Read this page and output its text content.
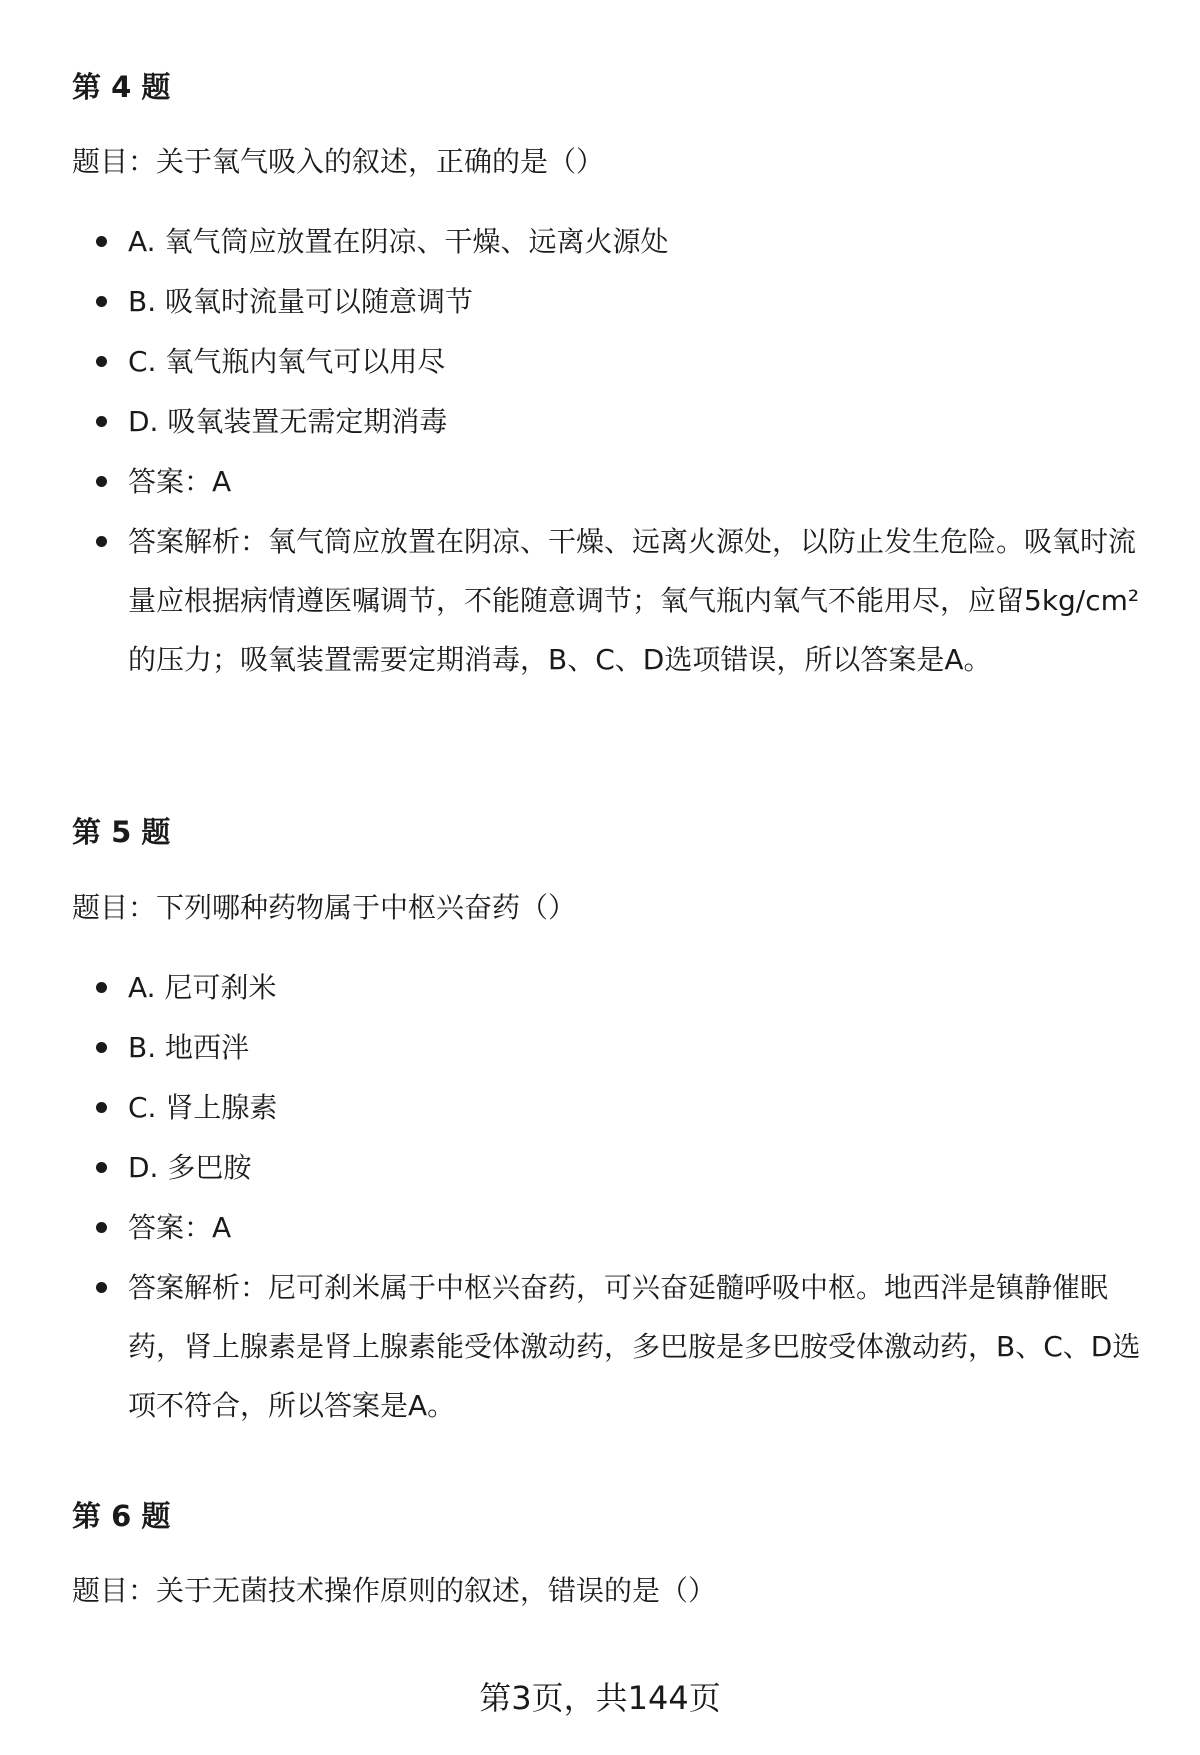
第 4 题
题目：关于氧气吸入的叙述，正确的是（）
A. 氧气筒应放置在阴凉、干燥、远离火源处
B. 吸氧时流量可以随意调节
C. 氧气瓶内氧气可以用尽
D. 吸氧装置无需定期消毒
答案：A
答案解析：氧气筒应放置在阴凉、干燥、远离火源处，以防止发生危险。吸氧时流量应根据病情遵医嘱调节，不能随意调节；氧气瓶内氧气不能用尽，应留5kg/cm²的压力；吸氧装置需要定期消毒，B、C、D选项错误，所以答案是A。
第 5 题
题目：下列哪种药物属于中枢兴奋药（）
A. 尼可刹米
B. 地西泮
C. 肾上腺素
D. 多巴胺
答案：A
答案解析：尼可刹米属于中枢兴奋药，可兴奋延髓呼吸中枢。地西泮是镇静催眠药，肾上腺素是肾上腺素能受体激动药，多巴胺是多巴胺受体激动药，B、C、D选项不符合，所以答案是A。
第 6 题
题目：关于无菌技术操作原则的叙述，错误的是（）
第3页，共144页
